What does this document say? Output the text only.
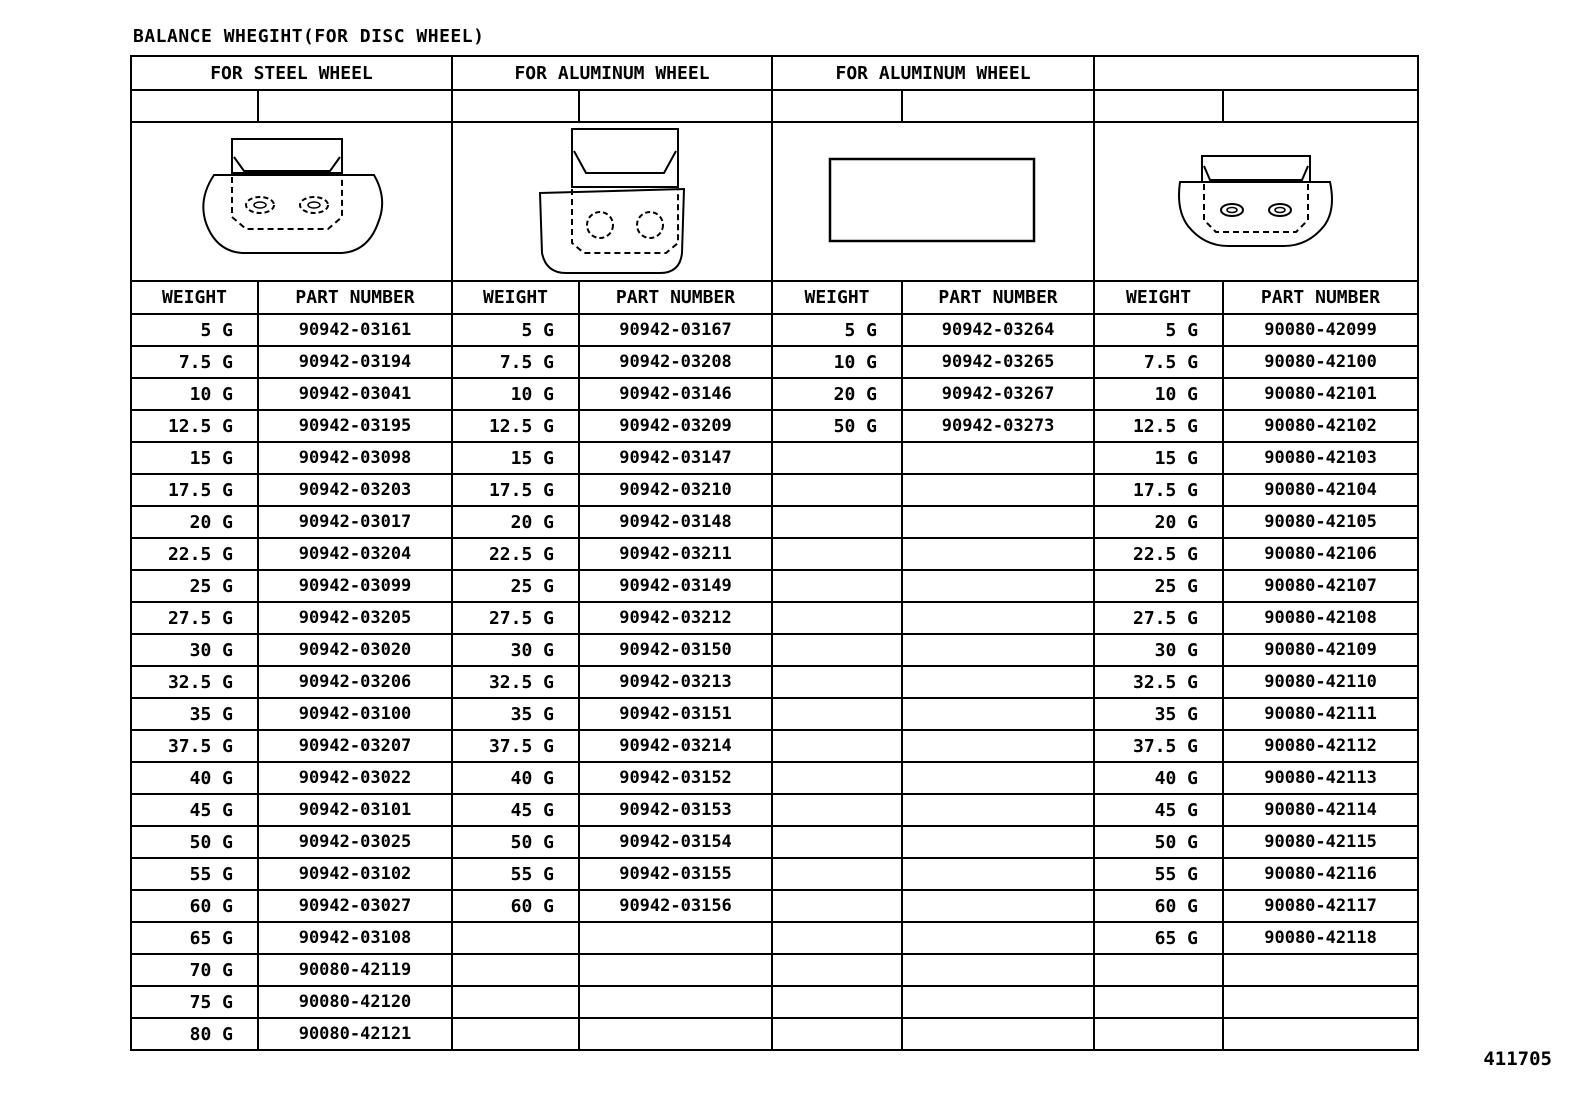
BALANCE WHEGIHT(FOR DISC WHEEL)
FOR STEEL WHEEL		FOR ALUMINUM WHEEL		FOR ALUMINUM WHEEL			

WEIGHT	PART NUMBER	WEIGHT	PART NUMBER	WEIGHT	PART NUMBER	WEIGHT	PART NUMBER
5 G	90942-03161	5 G	90942-03167	5 G	90942-03264	5 G	90080-42099
7.5 G	90942-03194	7.5 G	90942-03208	10 G	90942-03265	7.5 G	90080-42100
10 G	90942-03041	10 G	90942-03146	20 G	90942-03267	10 G	90080-42101
12.5 G	90942-03195	12.5 G	90942-03209	50 G	90942-03273	12.5 G	90080-42102
15 G	90942-03098	15 G	90942-03147			15 G	90080-42103
17.5 G	90942-03203	17.5 G	90942-03210			17.5 G	90080-42104
20 G	90942-03017	20 G	90942-03148			20 G	90080-42105
22.5 G	90942-03204	22.5 G	90942-03211			22.5 G	90080-42106
25 G	90942-03099	25 G	90942-03149			25 G	90080-42107
27.5 G	90942-03205	27.5 G	90942-03212			27.5 G	90080-42108
30 G	90942-03020	30 G	90942-03150			30 G	90080-42109
32.5 G	90942-03206	32.5 G	90942-03213			32.5 G	90080-42110
35 G	90942-03100	35 G	90942-03151			35 G	90080-42111
37.5 G	90942-03207	37.5 G	90942-03214			37.5 G	90080-42112
40 G	90942-03022	40 G	90942-03152			40 G	90080-42113
45 G	90942-03101	45 G	90942-03153			45 G	90080-42114
50 G	90942-03025	50 G	90942-03154			50 G	90080-42115
55 G	90942-03102	55 G	90942-03155			55 G	90080-42116
60 G	90942-03027	60 G	90942-03156			60 G	90080-42117
65 G	90942-03108					65 G	90080-42118
70 G	90080-42119						
75 G	90080-42120						
80 G	90080-42121						
411705
